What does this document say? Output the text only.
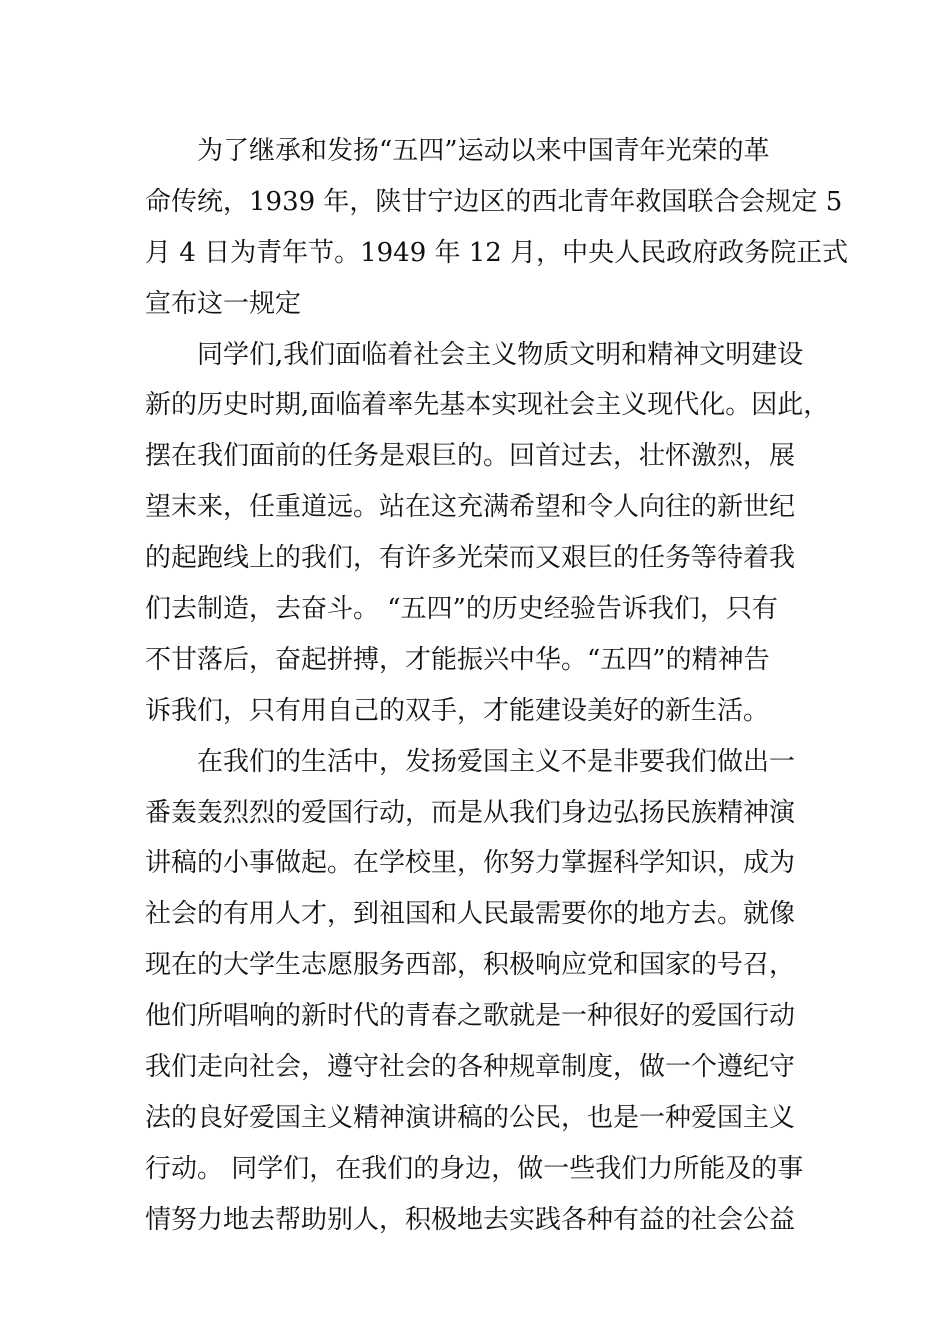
为了继承和发扬“五四”运动以来中国青年光荣的革
命传统，1939 年，陕甘宁边区的西北青年救国联合会规定 5
月 4 日为青年节。1949 年 12 月，中央人民政府政务院正式
宣布这一规定
同学们,我们面临着社会主义物质文明和精神文明建设
新的历史时期,面临着率先基本实现社会主义现代化。因此，
摆在我们面前的任务是艰巨的。回首过去，壮怀激烈，展
望末来，任重道远。站在这充满希望和令人向往的新世纪
的起跑线上的我们，有许多光荣而又艰巨的任务等待着我
们去制造，去奋斗。 “五四”的历史经验告诉我们，只有
不甘落后，奋起拼搏，才能振兴中华。“五四”的精神告
诉我们，只有用自己的双手，才能建设美好的新生活。
在我们的生活中，发扬爱国主义不是非要我们做出一
番轰轰烈烈的爱国行动，而是从我们身边弘扬民族精神演
讲稿的小事做起。在学校里，你努力掌握科学知识，成为
社会的有用人才，到祖国和人民最需要你的地方去。就像
现在的大学生志愿服务西部，积极响应党和国家的号召，
他们所唱响的新时代的青春之歌就是一种很好的爱国行动
我们走向社会，遵守社会的各种规章制度，做一个遵纪守
法的良好爱国主义精神演讲稿的公民，也是一种爱国主义
行动。 同学们，在我们的身边，做一些我们力所能及的事
情努力地去帮助别人，积极地去实践各种有益的社会公益
